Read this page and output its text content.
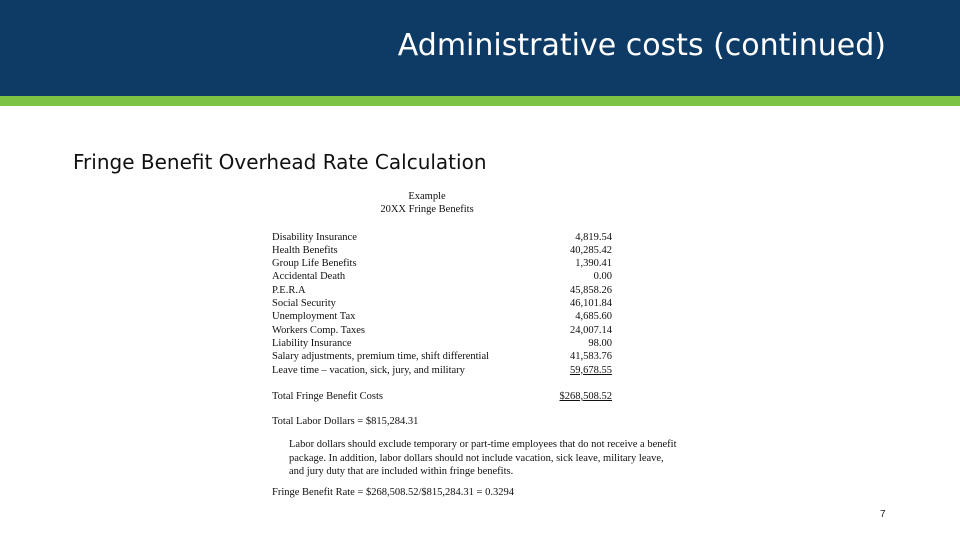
Administrative costs (continued)
Fringe Benefit Overhead Rate Calculation
Example
20XX Fringe Benefits
Disability Insurance	4,819.54
Health Benefits	40,285.42
Group Life Benefits	1,390.41
Accidental Death	0.00
P.E.R.A	45,858.26
Social Security	46,101.84
Unemployment Tax	4,685.60
Workers Comp. Taxes	24,007.14
Liability Insurance	98.00
Salary adjustments, premium time, shift differential	41,583.76
Leave time – vacation, sick, jury, and military	59,678.55
Total Fringe Benefit Costs	$268,508.52
Total Labor Dollars = $815,284.31
Labor dollars should exclude temporary or part-time employees that do not receive a benefit package. In addition, labor dollars should not include vacation, sick leave, military leave, and jury duty that are included within fringe benefits.
Fringe Benefit Rate = $268,508.52/$815,284.31 = 0.3294
7
